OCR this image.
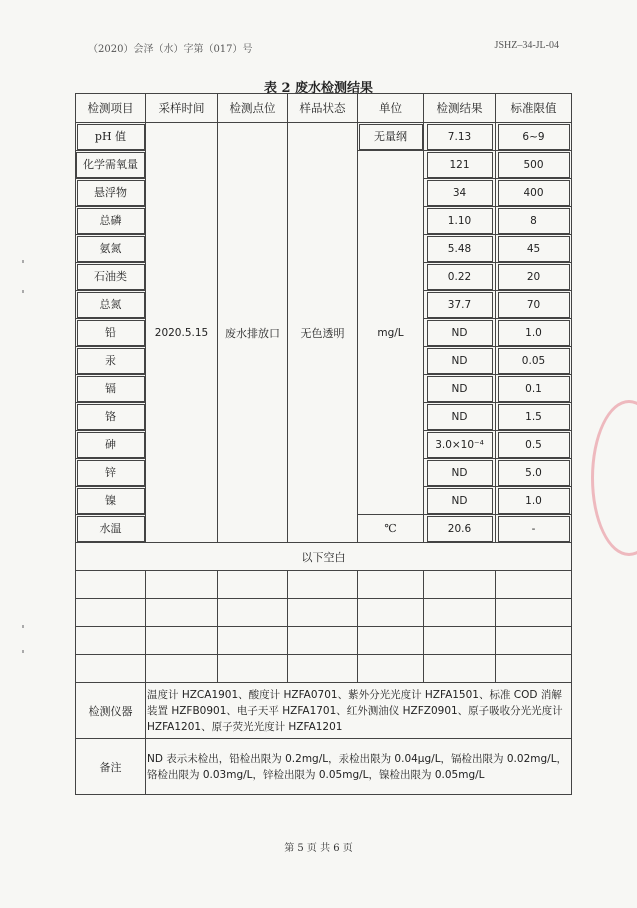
（2020）会泽（水）字第（017）号	JSHZ–34-JL-04
表 2 废水检测结果
检测项目	采样时间	检测点位	样品状态	单位	检测结果	标准限值

pH 值	2020.5.15	废水排放口	无色透明	无量纲	7.13	6~9

化学需氧量				mg/L	121	500

悬浮物					34	400

总磷					1.10	8

氨氮					5.48	45

石油类					0.22	20

总氮					37.7	70

铅					ND	1.0

汞					ND	0.05

镉					ND	0.1

铬					ND	1.5

砷					3.0×10⁻⁴	0.5

锌					ND	5.0

镍					ND	1.0

水温				℃	20.6	-

以下空白						

检测仪器	温度计 HZCA1901、酸度计 HZFA0701、紫外分光光度计 HZFA1501、标准 COD 消解装置 HZFB0901、电子天平 HZFA1701、红外测油仪 HZFZ0901、原子吸收分光光度计 HZFA1201、原子荧光光度计 HZFA1201					
备注	ND 表示未检出，铅检出限为 0.2mg/L，汞检出限为 0.04μg/L，镉检出限为 0.02mg/L，铬检出限为 0.03mg/L，锌检出限为 0.05mg/L，镍检出限为 0.05mg/L					
第 5 页 共 6 页
